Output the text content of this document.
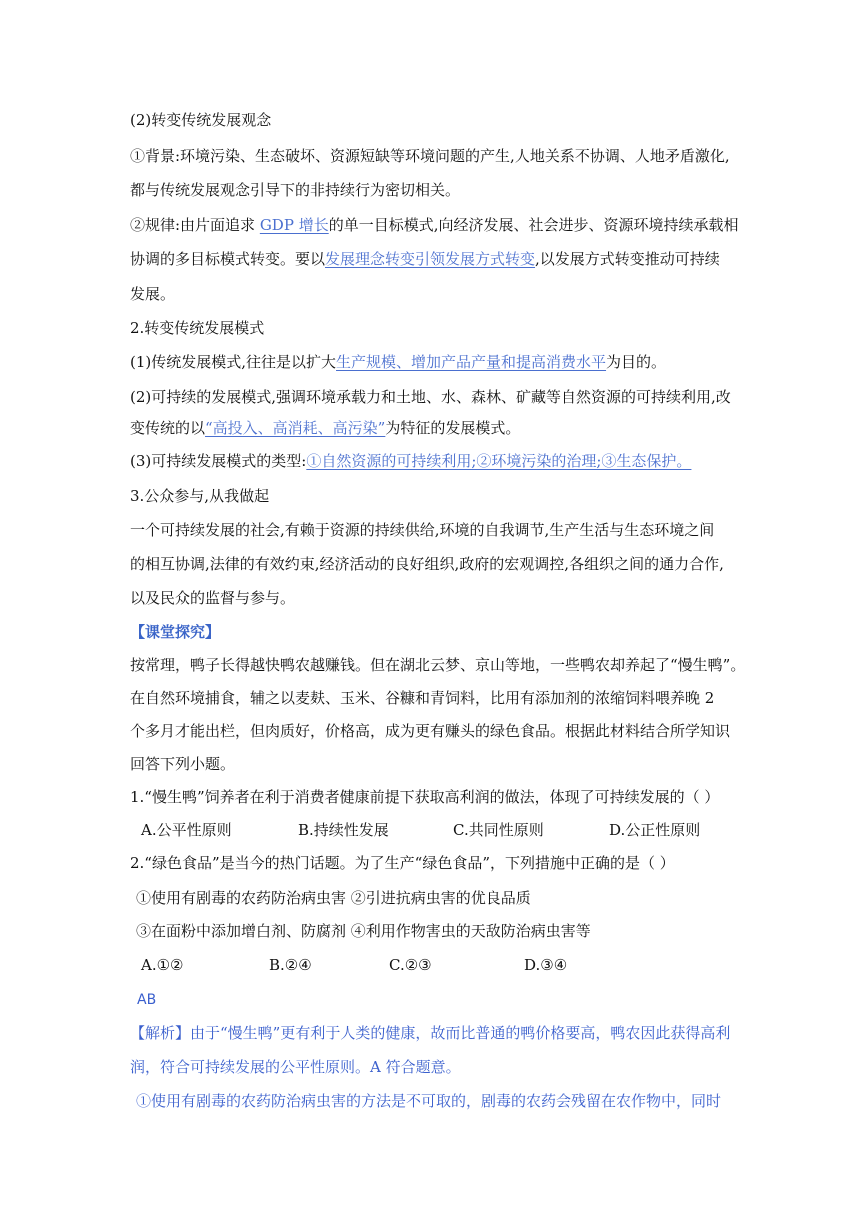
(2)转变传统发展观念
①背景:环境污染、生态破坏、资源短缺等环境问题的产生,人地关系不协调、人地矛盾激化,
都与传统发展观念引导下的非持续行为密切相关。
②规律:由片面追求 GDP 增长的单一目标模式,向经济发展、社会进步、资源环境持续承载相
协调的多目标模式转变。要以发展理念转变引领发展方式转变,以发展方式转变推动可持续
发展。
2.转变传统发展模式
(1)传统发展模式,往往是以扩大生产规模、增加产品产量和提高消费水平为目的。
(2)可持续的发展模式,强调环境承载力和土地、水、森林、矿藏等自然资源的可持续利用,改
变传统的以“高投入、高消耗、高污染”为特征的发展模式。
(3)可持续发展模式的类型:①自然资源的可持续利用;②环境污染的治理;③生态保护。
3.公众参与,从我做起
一个可持续发展的社会,有赖于资源的持续供给,环境的自我调节,生产生活与生态环境之间
的相互协调,法律的有效约束,经济活动的良好组织,政府的宏观调控,各组织之间的通力合作,
以及民众的监督与参与。
【课堂探究】
按常理，鸭子长得越快鸭农越赚钱。但在湖北云梦、京山等地，一些鸭农却养起了“慢生鸭”。
在自然环境捕食，辅之以麦麸、玉米、谷糠和青饲料，比用有添加剂的浓缩饲料喂养晚 2
个多月才能出栏，但肉质好，价格高，成为更有赚头的绿色食品。根据此材料结合所学知识
回答下列小题。
1.“慢生鸭”饲养者在利于消费者健康前提下获取高利润的做法，体现了可持续发展的（ ）
A.公平性原则	B.持续性发展	C.共同性原则	D.公正性原则
2.“绿色食品”是当今的热门话题。为了生产“绿色食品”，下列措施中正确的是（ ）
①使用有剧毒的农药防治病虫害 ②引进抗病虫害的优良品质
③在面粉中添加增白剂、防腐剂 ④利用作物害虫的天敌防治病虫害等
A.①②	B.②④	C.②③	D.③④
AB
【解析】由于“慢生鸭”更有利于人类的健康，故而比普通的鸭价格要高，鸭农因此获得高利
润，符合可持续发展的公平性原则。A 符合题意。
①使用有剧毒的农药防治病虫害的方法是不可取的，剧毒的农药会残留在农作物中，同时
